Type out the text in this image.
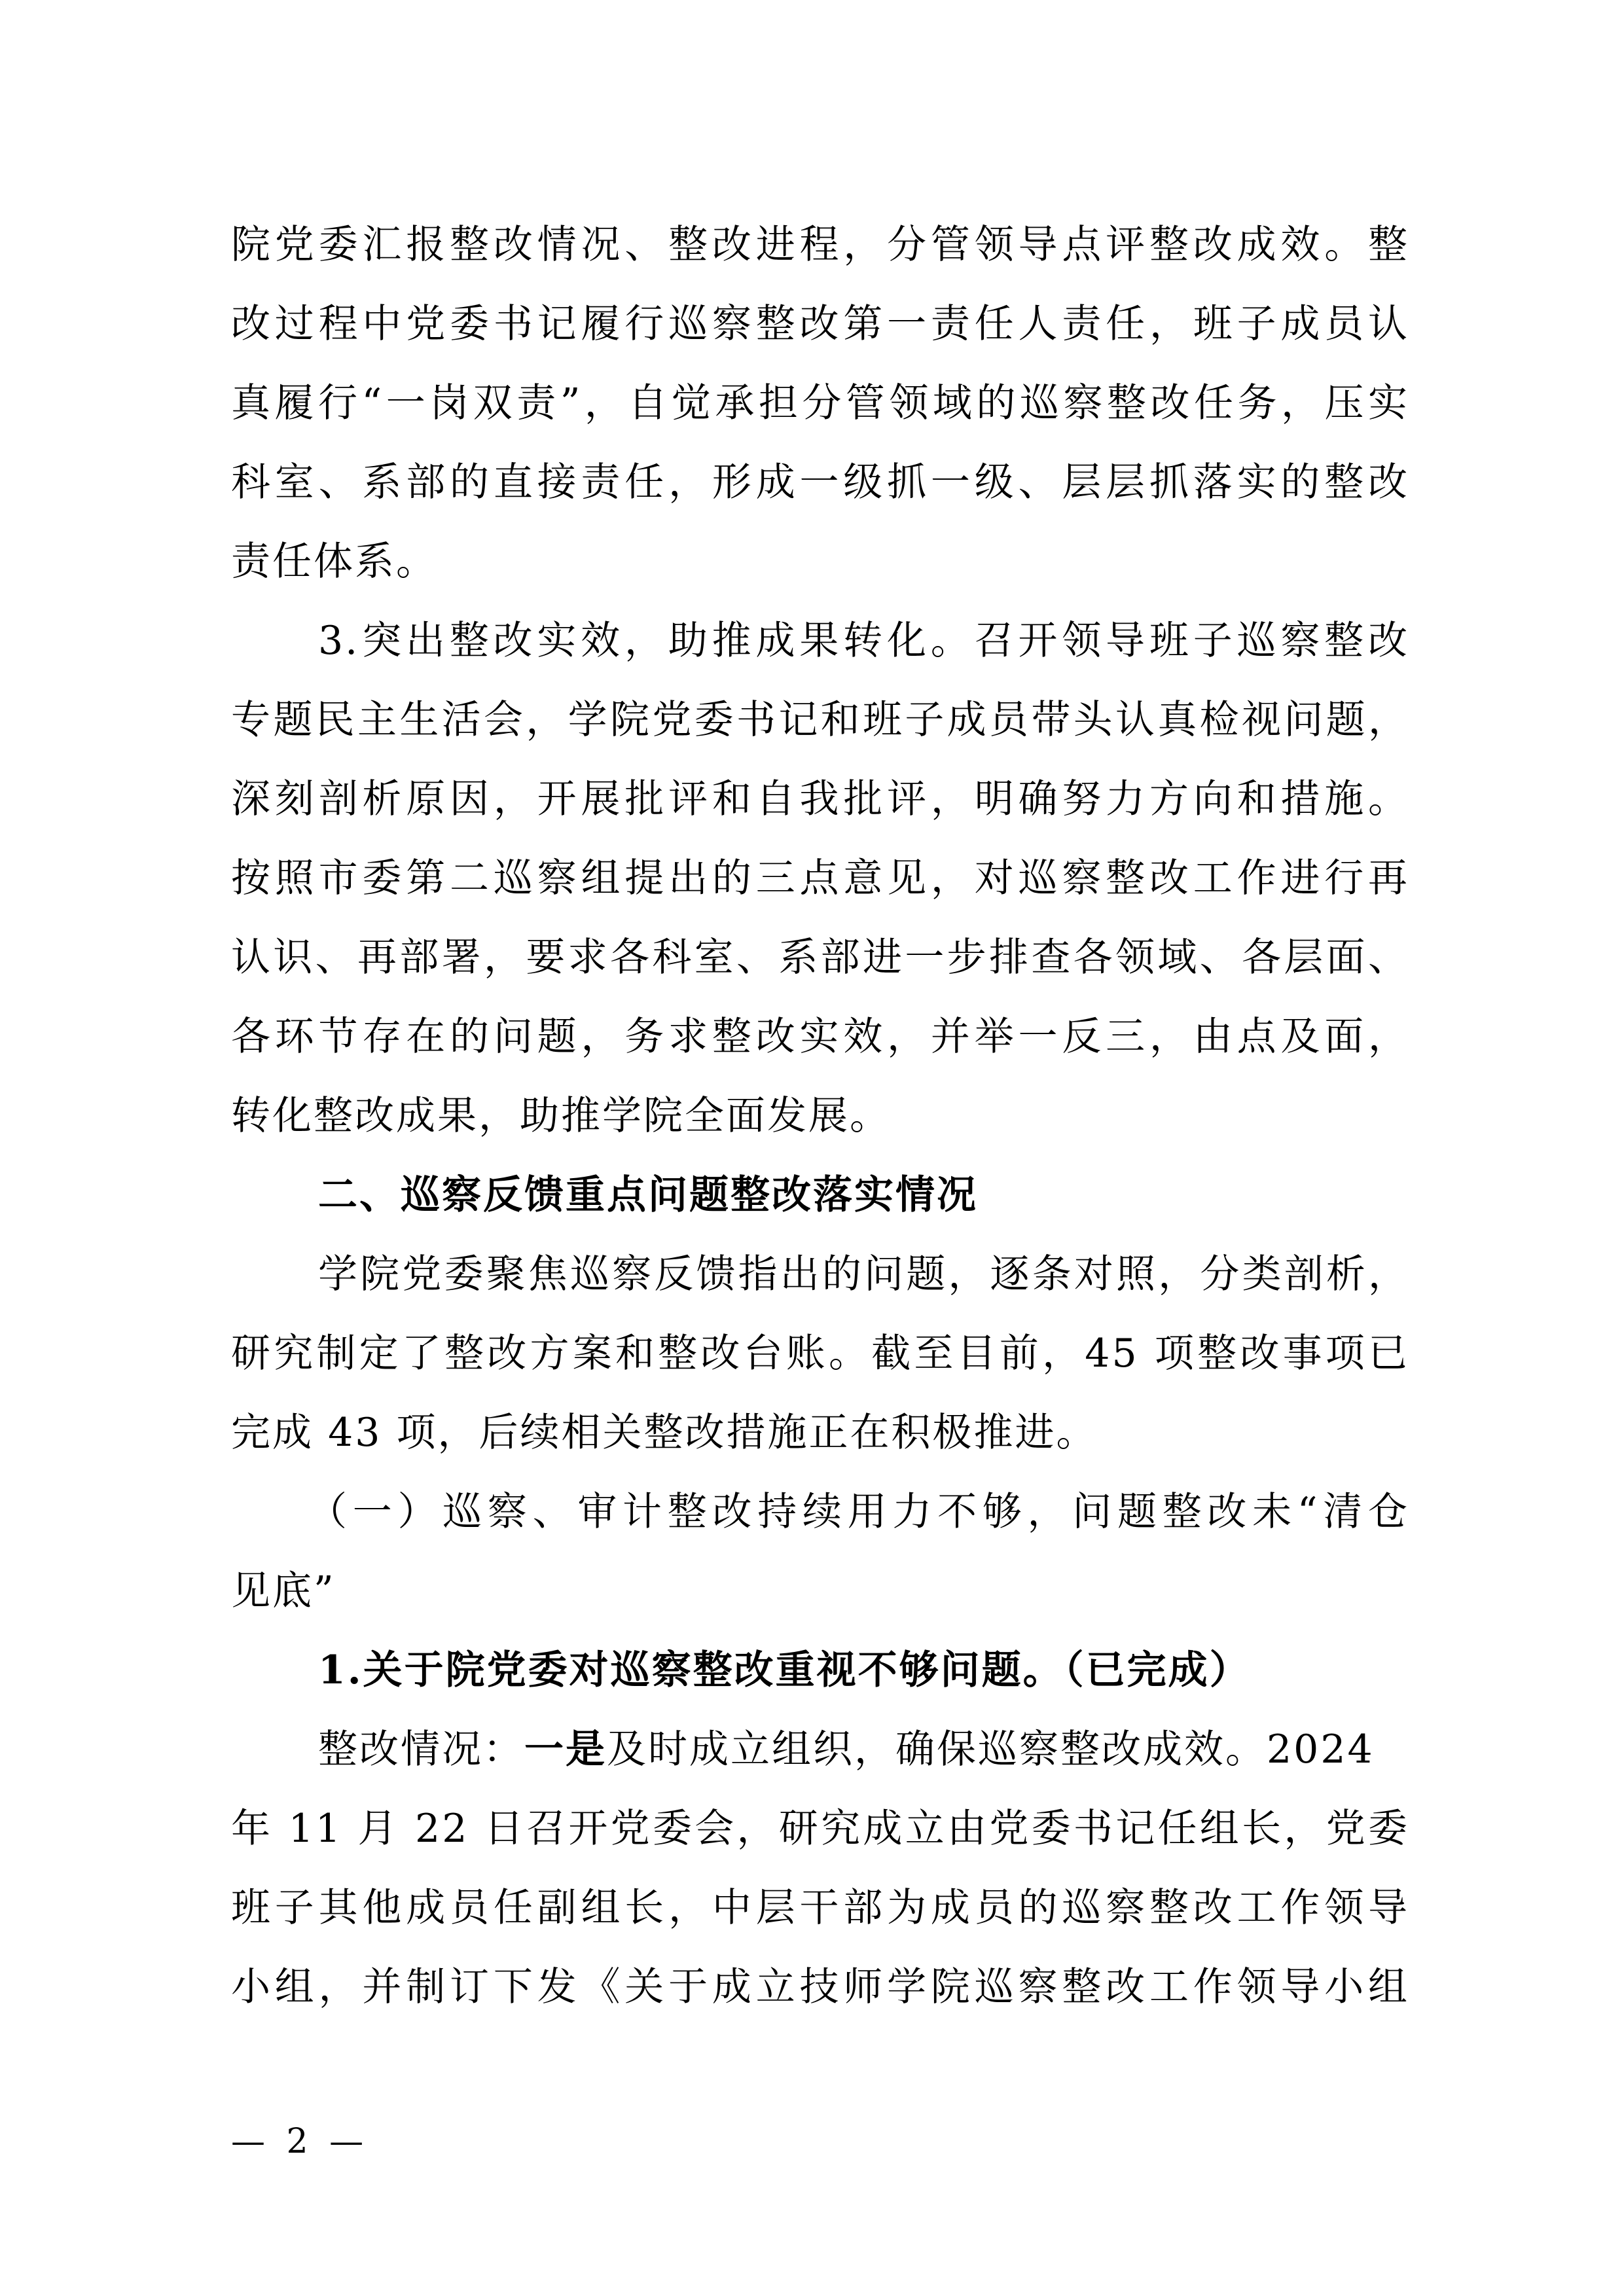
院党委汇报整改情况、整改进程，分管领导点评整改成效。整
改过程中党委书记履行巡察整改第一责任人责任，班子成员认
真履行“一岗双责”，自觉承担分管领域的巡察整改任务，压实
科室、系部的直接责任，形成一级抓一级、层层抓落实的整改
责任体系。
3.突出整改实效，助推成果转化。召开领导班子巡察整改
专题民主生活会，学院党委书记和班子成员带头认真检视问题，
深刻剖析原因，开展批评和自我批评，明确努力方向和措施。
按照市委第二巡察组提出的三点意见，对巡察整改工作进行再
认识、再部署，要求各科室、系部进一步排查各领域、各层面、
各环节存在的问题，务求整改实效，并举一反三，由点及面，
转化整改成果，助推学院全面发展。
二、巡察反馈重点问题整改落实情况
学院党委聚焦巡察反馈指出的问题，逐条对照，分类剖析，
研究制定了整改方案和整改台账。截至目前，45 项整改事项已
完成 43 项，后续相关整改措施正在积极推进。
（一）巡察、审计整改持续用力不够，问题整改未“清仓
见底”
1.关于院党委对巡察整改重视不够问题。（已完成）
整改情况：一是及时成立组织，确保巡察整改成效。2024
年 11 月 22 日召开党委会，研究成立由党委书记任组长，党委
班子其他成员任副组长，中层干部为成员的巡察整改工作领导
小组，并制订下发《关于成立技师学院巡察整改工作领导小组
— 2 —
